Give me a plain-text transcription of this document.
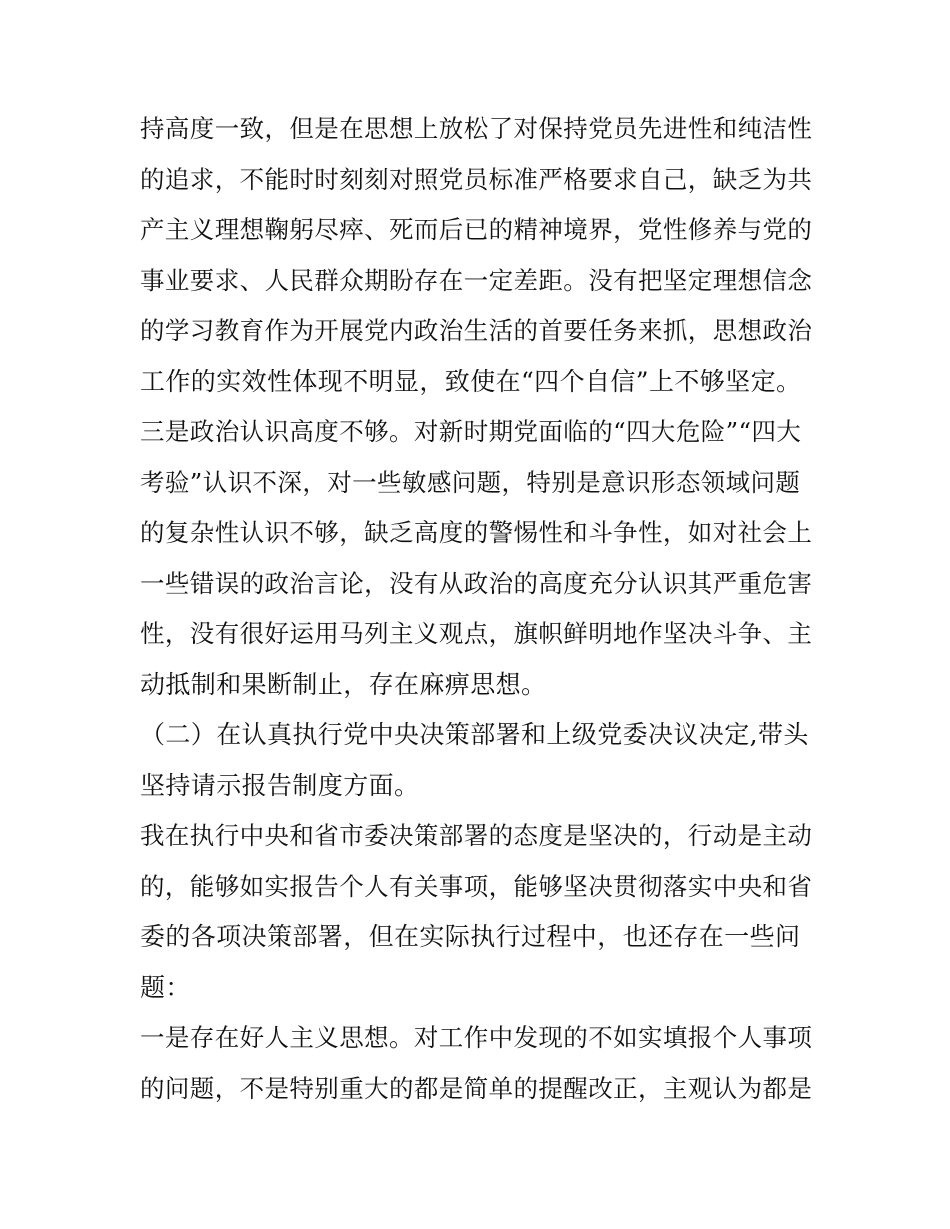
持高度一致，但是在思想上放松了对保持党员先进性和纯洁性

的追求，不能时时刻刻对照党员标准严格要求自己，缺乏为共

产主义理想鞠躬尽瘁、死而后已的精神境界，党性修养与党的

事业要求、人民群众期盼存在一定差距。没有把坚定理想信念

的学习教育作为开展党内政治生活的首要任务来抓，思想政治

工作的实效性体现不明显，致使在“四个自信”上不够坚定。

三是政治认识高度不够。对新时期党面临的“四大危险”“四大

考验”认识不深，对一些敏感问题，特别是意识形态领域问题

的复杂性认识不够，缺乏高度的警惕性和斗争性，如对社会上

一些错误的政治言论，没有从政治的高度充分认识其严重危害

性，没有很好运用马列主义观点，旗帜鲜明地作坚决斗争、主

动抵制和果断制止，存在麻痹思想。

（二）在认真执行党中央决策部署和上级党委决议决定,带头

坚持请示报告制度方面。

我在执行中央和省市委决策部署的态度是坚决的，行动是主动

的，能够如实报告个人有关事项，能够坚决贯彻落实中央和省

委的各项决策部署，但在实际执行过程中，也还存在一些问

题：

一是存在好人主义思想。对工作中发现的不如实填报个人事项

的问题，不是特别重大的都是简单的提醒改正，主观认为都是
